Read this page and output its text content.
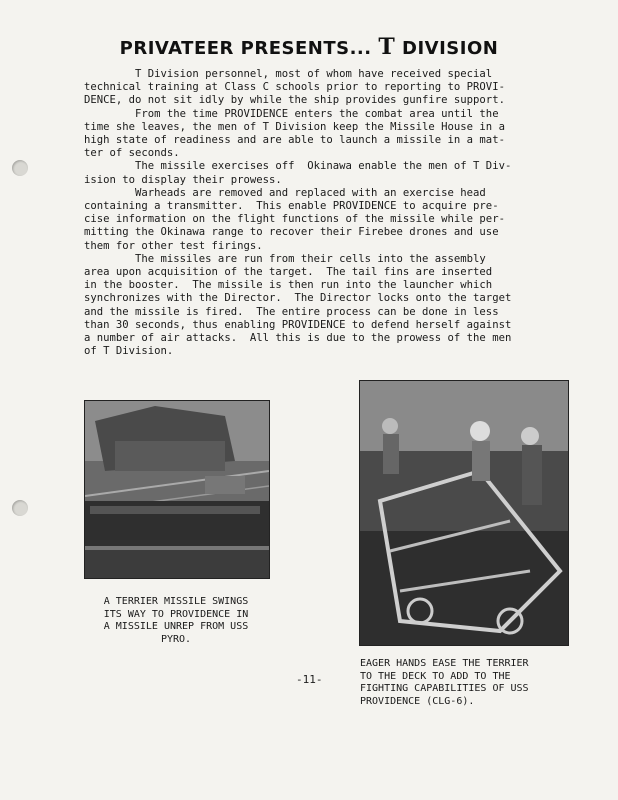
PRIVATEER PRESENTS... T DIVISION
T Division personnel, most of whom have received special
technical training at Class C schools prior to reporting to PROVI-
DENCE, do not sit idly by while the ship provides gunfire support.
From the time PROVIDENCE enters the combat area until the
time she leaves, the men of T Division keep the Missile House in a
high state of readiness and are able to launch a missile in a mat-
ter of seconds.
The missile exercises off  Okinawa enable the men of T Div-
ision to display their prowess.
Warheads are removed and replaced with an exercise head
containing a transmitter.  This enable PROVIDENCE to acquire pre-
cise information on the flight functions of the missile while per-
mitting the Okinawa range to recover their Firebee drones and use
them for other test firings.
The missiles are run from their cells into the assembly
area upon acquisition of the target.  The tail fins are inserted
in the booster.  The missile is then run into the launcher which
synchronizes with the Director.  The Director locks onto the target
and the missile is fired.  The entire process can be done in less
than 30 seconds, thus enabling PROVIDENCE to defend herself against
a number of air attacks.  All this is due to the prowess of the men
of T Division.
A TERRIER MISSILE SWINGS
ITS WAY TO PROVIDENCE IN
A MISSILE UNREP FROM USS
PYRO.
-11-
EAGER HANDS EASE THE TERRIER
TO THE DECK TO ADD TO THE
FIGHTING CAPABILITIES OF USS
PROVIDENCE (CLG-6).
